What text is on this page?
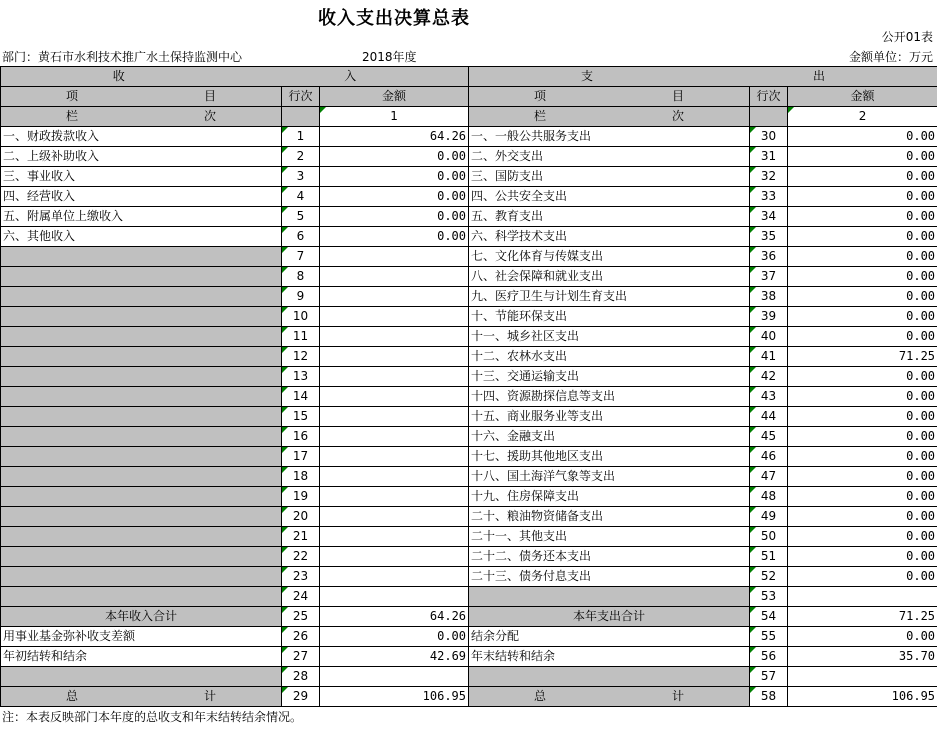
收入支出决算总表
公开01表
部门：黄石市水利技术推广水土保持监测中心	2018年度	金额单位：万元
收 入			支 出		

项 目	行次	金额	项 目	行次	金额

栏 次		1	栏 次		2
一、财政拨款收入	1	64.26	一、一般公共服务支出	30	0.00
二、上级补助收入	2	0.00	二、外交支出	31	0.00
三、事业收入	3	0.00	三、国防支出	32	0.00
四、经营收入	4	0.00	四、公共安全支出	33	0.00
五、附属单位上缴收入	5	0.00	五、教育支出	34	0.00
六、其他收入	6	0.00	六、科学技术支出	35	0.00
	7		七、文化体育与传媒支出	36	0.00
	8		八、社会保障和就业支出	37	0.00
	9		九、医疗卫生与计划生育支出	38	0.00
	10		十、节能环保支出	39	0.00
	11		十一、城乡社区支出	40	0.00
	12		十二、农林水支出	41	71.25
	13		十三、交通运输支出	42	0.00
	14		十四、资源勘探信息等支出	43	0.00
	15		十五、商业服务业等支出	44	0.00
	16		十六、金融支出	45	0.00
	17		十七、援助其他地区支出	46	0.00
	18		十八、国土海洋气象等支出	47	0.00
	19		十九、住房保障支出	48	0.00
	20		二十、粮油物资储备支出	49	0.00
	21		二十一、其他支出	50	0.00
	22		二十二、债务还本支出	51	0.00
	23		二十三、债务付息支出	52	0.00
	24			53	
本年收入合计	25	64.26	本年支出合计	54	71.25
用事业基金弥补收支差额	26	0.00	结余分配	55	0.00
年初结转和结余	27	42.69	年末结转和结余	56	35.70
	28			57	

总 计	29	106.95	总 计	58	106.95
注：本表反映部门本年度的总收支和年末结转结余情况。
